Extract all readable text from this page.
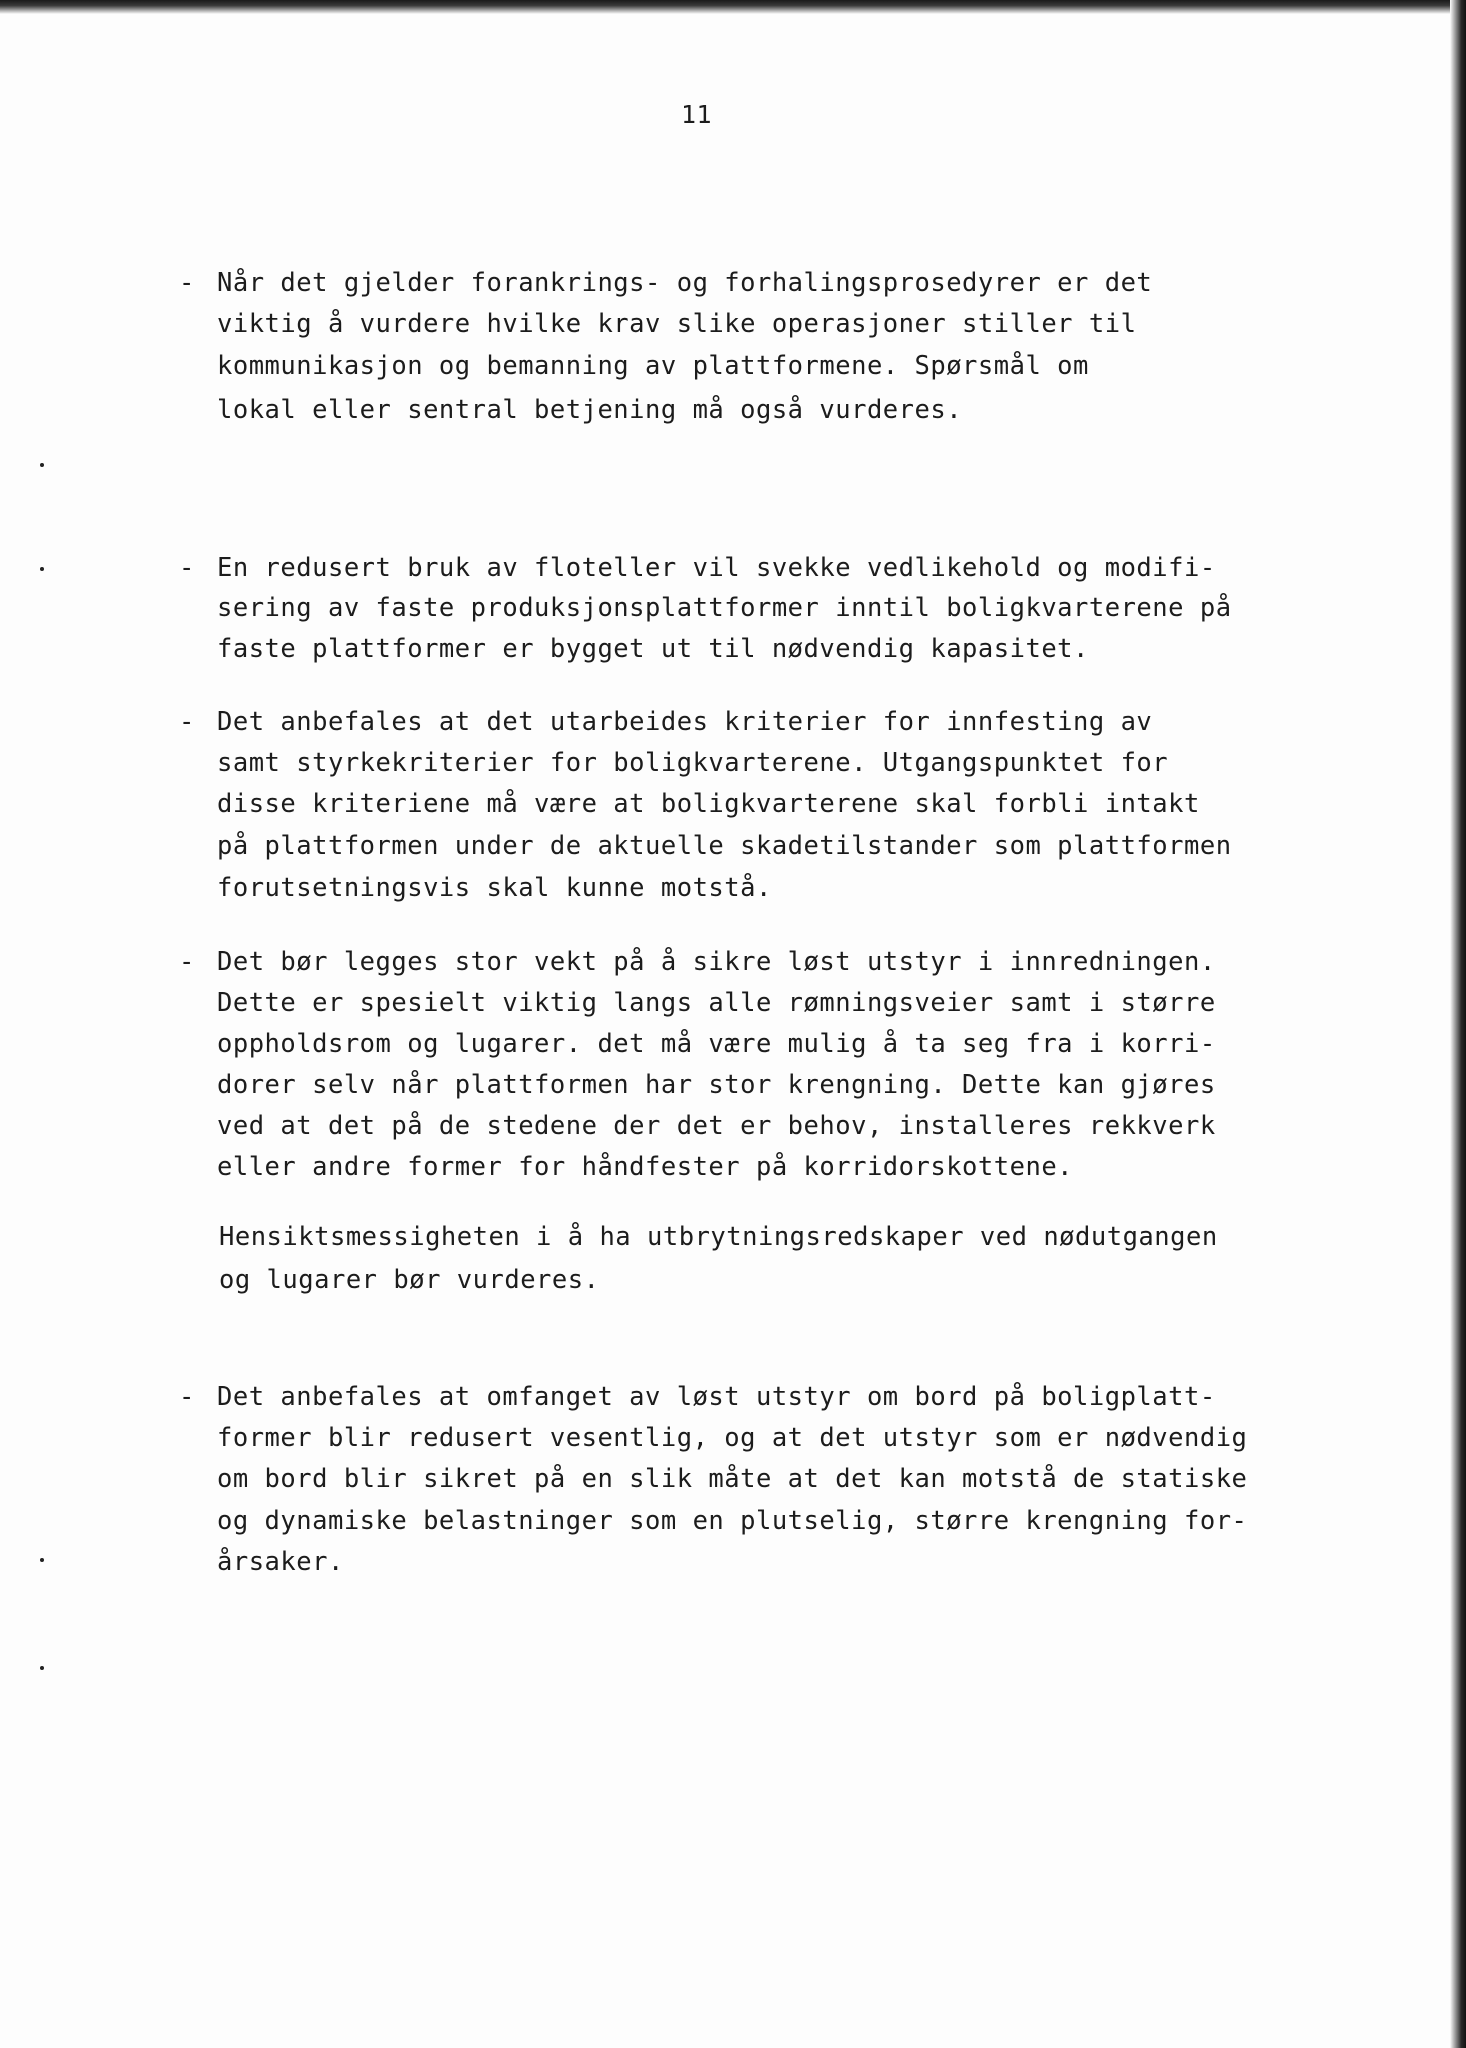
11
- Når det gjelder forankrings- og forhalingsprosedyrer er det
viktig å vurdere hvilke krav slike operasjoner stiller til
kommunikasjon og bemanning av plattformene. Spørsmål om
lokal eller sentral betjening må også vurderes.
- En redusert bruk av floteller vil svekke vedlikehold og modifi-
sering av faste produksjonsplattformer inntil boligkvarterene på
faste plattformer er bygget ut til nødvendig kapasitet.
- Det anbefales at det utarbeides kriterier for innfesting av
samt styrkekriterier for boligkvarterene. Utgangspunktet for
disse kriteriene må være at boligkvarterene skal forbli intakt
på plattformen under de aktuelle skadetilstander som plattformen
forutsetningsvis skal kunne motstå.
- Det bør legges stor vekt på å sikre løst utstyr i innredningen.
Dette er spesielt viktig langs alle rømningsveier samt i større
oppholdsrom og lugarer. det må være mulig å ta seg fra i korri-
dorer selv når plattformen har stor krengning. Dette kan gjøres
ved at det på de stedene der det er behov, installeres rekkverk
eller andre former for håndfester på korridorskottene.
Hensiktsmessigheten i å ha utbrytningsredskaper ved nødutgangen
og lugarer bør vurderes.
- Det anbefales at omfanget av løst utstyr om bord på boligplatt-
former blir redusert vesentlig, og at det utstyr som er nødvendig
om bord blir sikret på en slik måte at det kan motstå de statiske
og dynamiske belastninger som en plutselig, større krengning for-
årsaker.
